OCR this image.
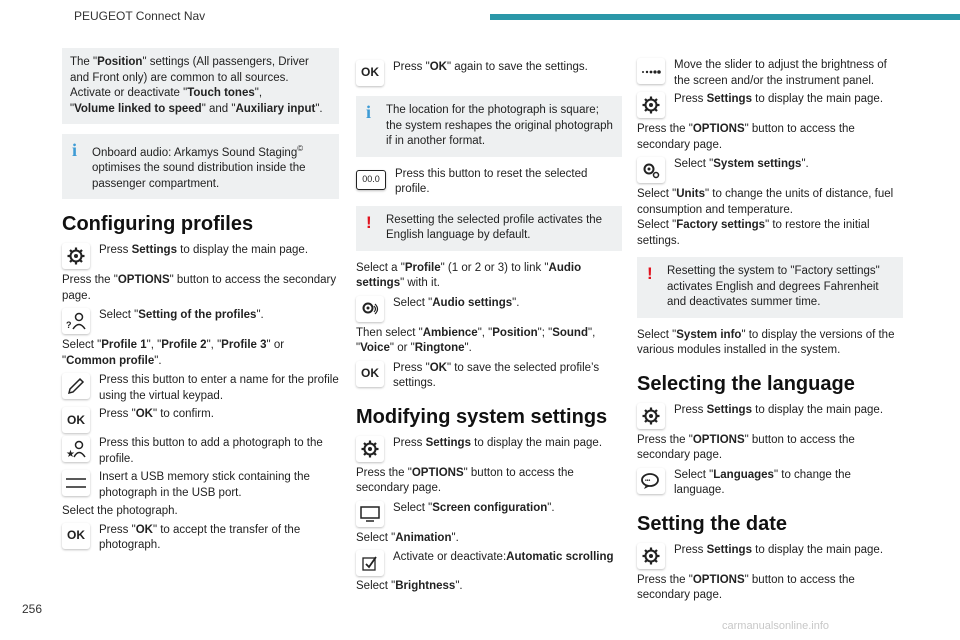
PEUGEOT Connect Nav

The "Position" settings (All passengers, Driver and Front only) are common to all sources.

Activate or deactivate "Touch tones",

"Volume linked to speed" and "Auxiliary input".

i Onboard audio: Arkamys Sound Staging© optimises the sound distribution inside the passenger compartment.

Configuring profiles
Press Settings to display the main page.

Press the "OPTIONS" button to access the secondary page.

?
Select "Setting of the profiles".

Select "Profile 1", "Profile 2", "Profile 3" or "Common profile".

Press this button to enter a name for the profile using the virtual keypad.
OK	Press "OK" to confirm.
★
Press this button to add a photograph to the profile.
Insert a USB memory stick containing the photograph in the USB port.

Select the photograph.

OK	Press "OK" to accept the transfer of the photograph.
OK	Press "OK" again to save the settings.
i The location for the photograph is square; the system reshapes the original photograph if in another format.

00.0	Press this button to reset the selected profile.
! Resetting the selected profile activates the English language by default.

Select a "Profile" (1 or 2 or 3) to link "Audio settings" with it.

Select "Audio settings".

Then select "Ambience", "Position"; "Sound", "Voice" or "Ringtone".

OK	Press "OK" to save the selected profile’s settings.
Modifying system settings
Press Settings to display the main page.

Press the "OPTIONS" button to access the secondary page.

Select "Screen configuration".

Select "Animation".

Activate or deactivate:Automatic scrolling

Select "Brightness".

Move the slider to adjust the brightness of the screen and/or the instrument panel.
Press Settings to display the main page.

Press the "OPTIONS" button to access the secondary page.

Select "System settings".

Select "Units" to change the units of distance, fuel consumption and temperature.

Select "Factory settings" to restore the initial settings.

! Resetting the system to "Factory settings" activates English and degrees Fahrenheit and deactivates summer time.

Select "System info" to display the versions of the various modules installed in the system.

Selecting the language
Press Settings to display the main page.

Press the "OPTIONS" button to access the secondary page.

••• Select "Languages" to change the language.
Setting the date
Press Settings to display the main page.

Press the "OPTIONS" button to access the secondary page.

256
carmanualsonline.info
